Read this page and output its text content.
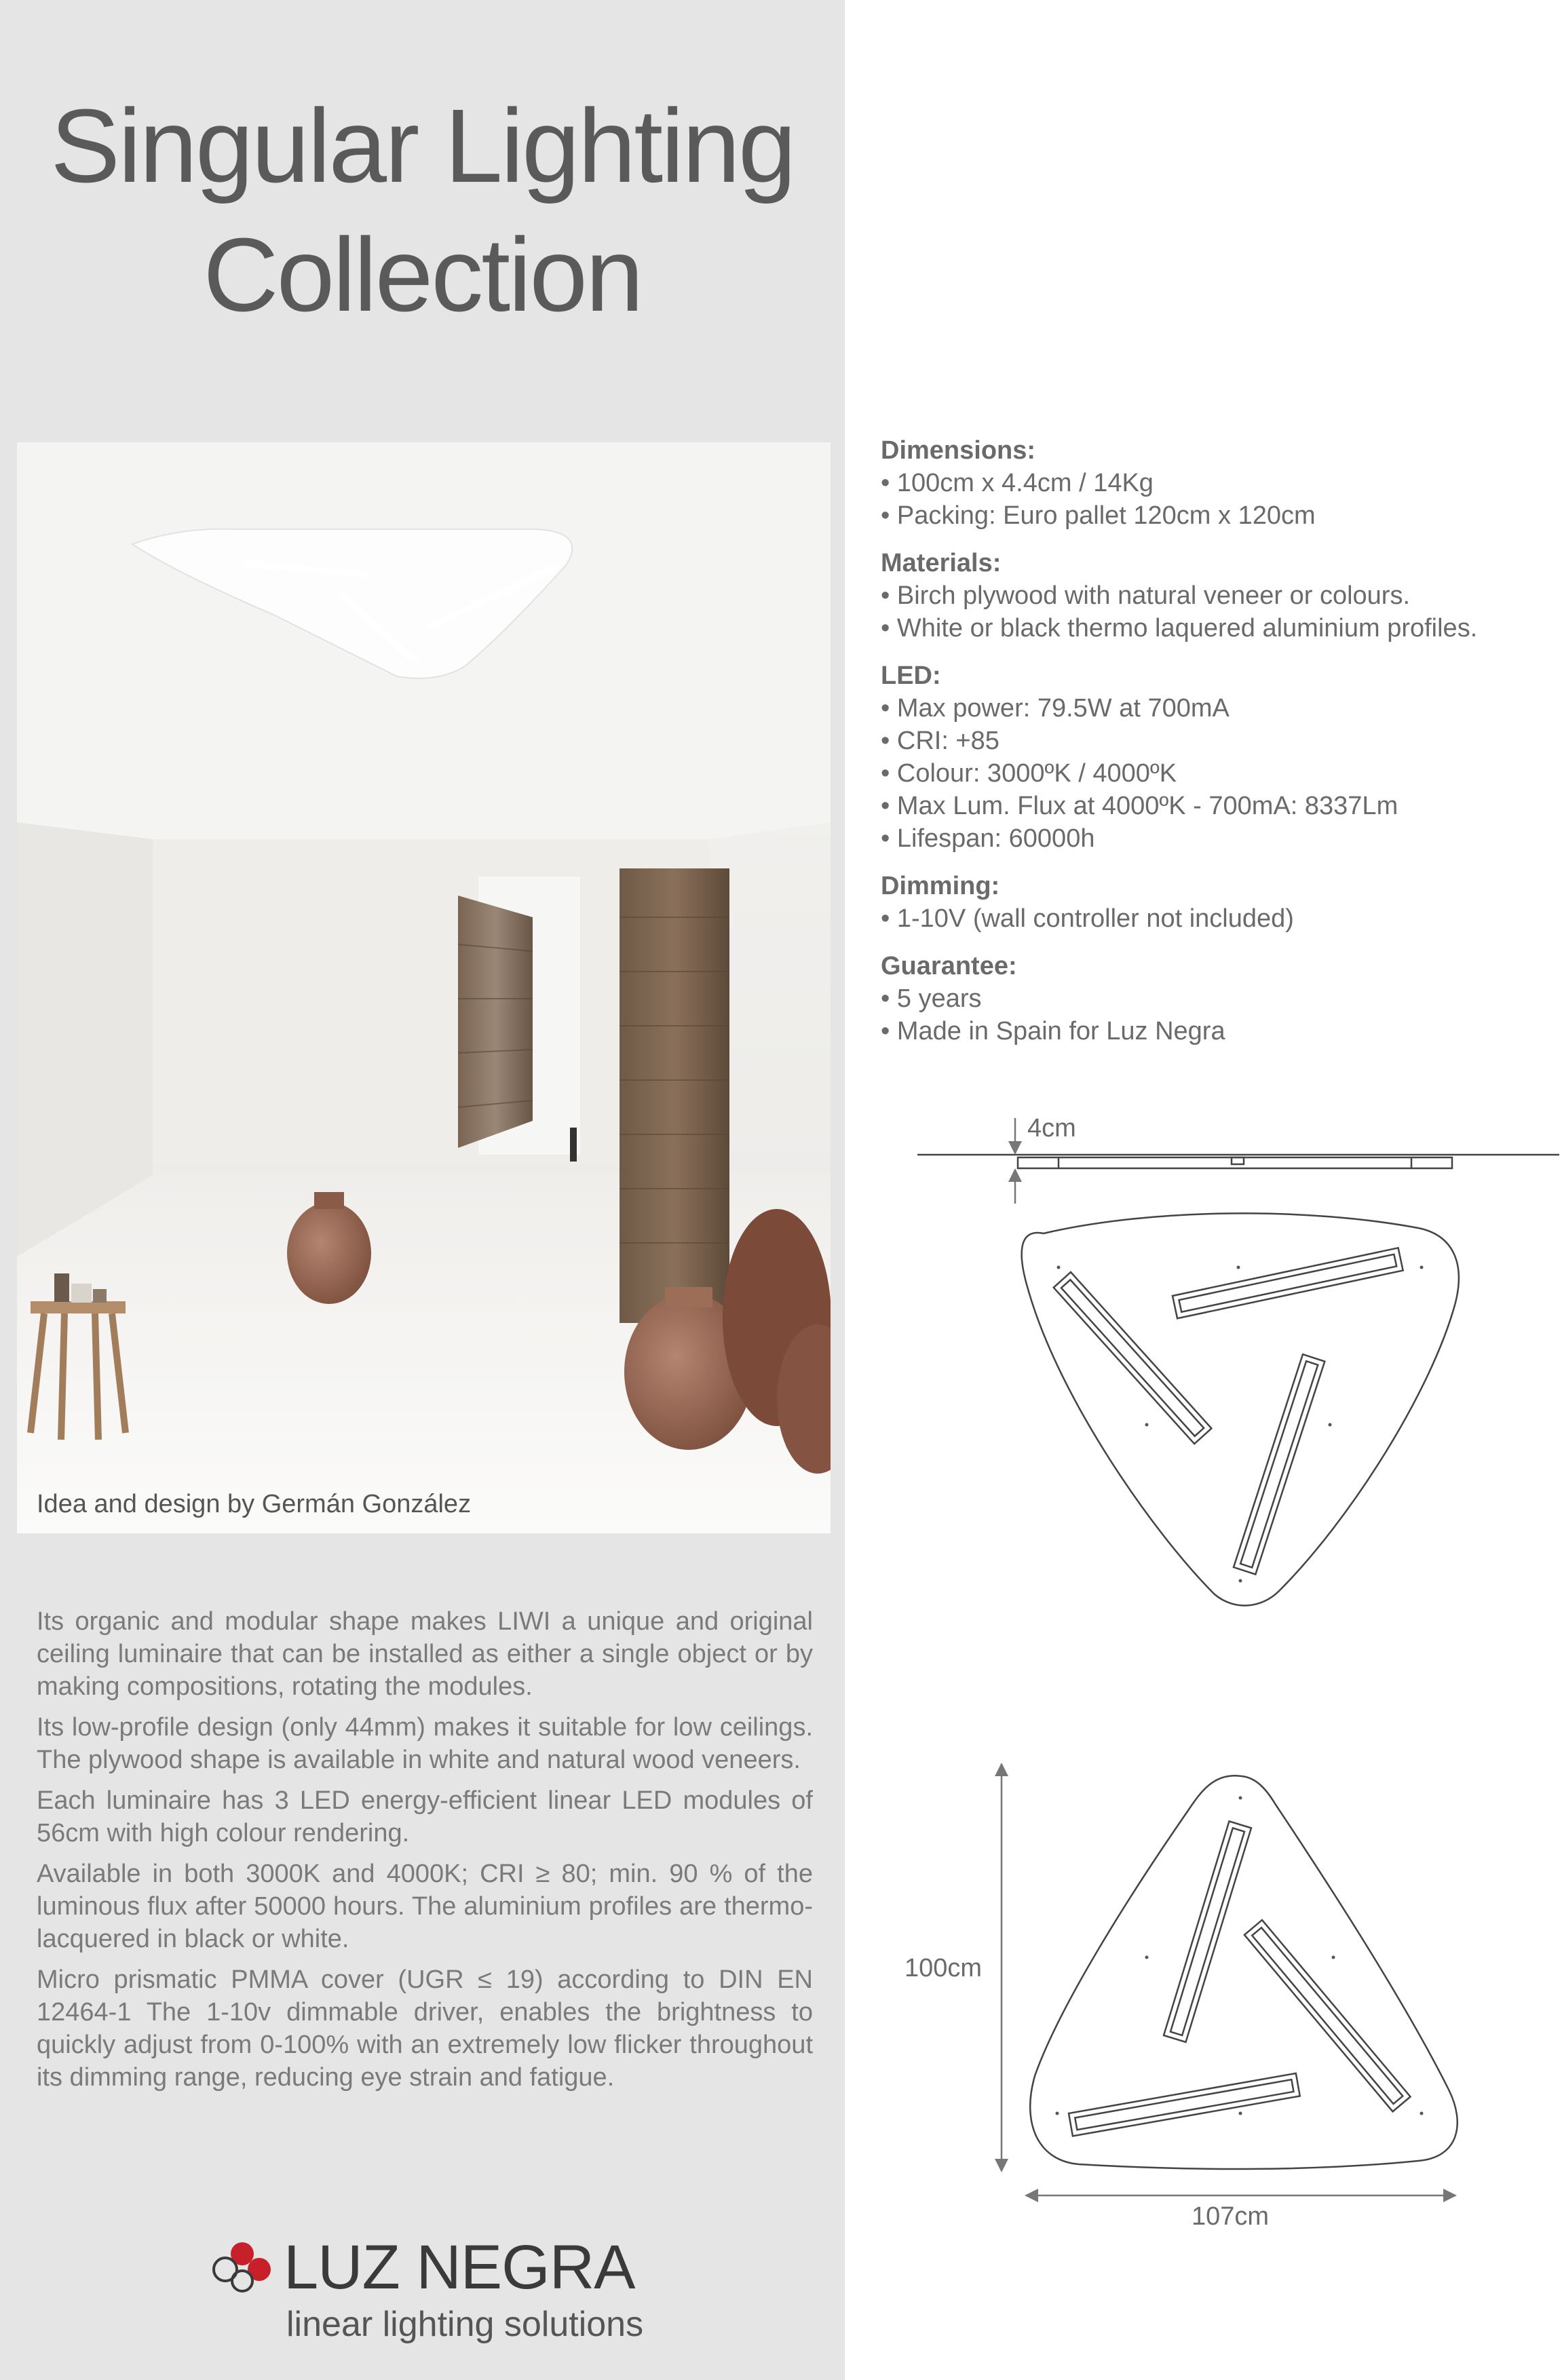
Singular Lighting
Collection
Idea and design by Germán González

Its organic and modular shape makes LIWI a unique and original ceiling luminaire that can be installed as either a single object or by making compositions, rotating the modules.

Its low-profile design (only 44mm) makes it suitable for low ceilings. The plywood shape is available in white and natural wood veneers.

Each luminaire has 3 LED energy-efficient linear LED modules of 56cm with high colour rendering.

Available in both 3000K and 4000K; CRI ≥ 80; min. 90 % of the luminous flux after 50000 hours. The aluminium profiles are thermo-lacquered in black or white.

Micro prismatic PMMA cover (UGR ≤ 19) according to DIN EN 12464-1 The 1-10v dimmable driver, enables the brightness to quickly adjust from 0-100% with an extremely low flicker throughout its dimming range, reducing eye strain and fatigue.

LUZ NEGRA
linear lighting solutions
Dimensions:
• 100cm x 4.4cm / 14Kg
• Packing: Euro pallet 120cm x 120cm
Materials:
• Birch plywood with natural veneer or colours.
• White or black thermo laquered aluminium profiles.
LED:
• Max power: 79.5W at 700mA
• CRI: +85
• Colour: 3000ºK / 4000ºK
• Max Lum. Flux at 4000ºK - 700mA: 8337Lm
• Lifespan: 60000h
Dimming:
• 1-10V (wall controller not included)
Guarantee:
• 5 years
• Made in Spain for Luz Negra
4cm
100cm
107cm
